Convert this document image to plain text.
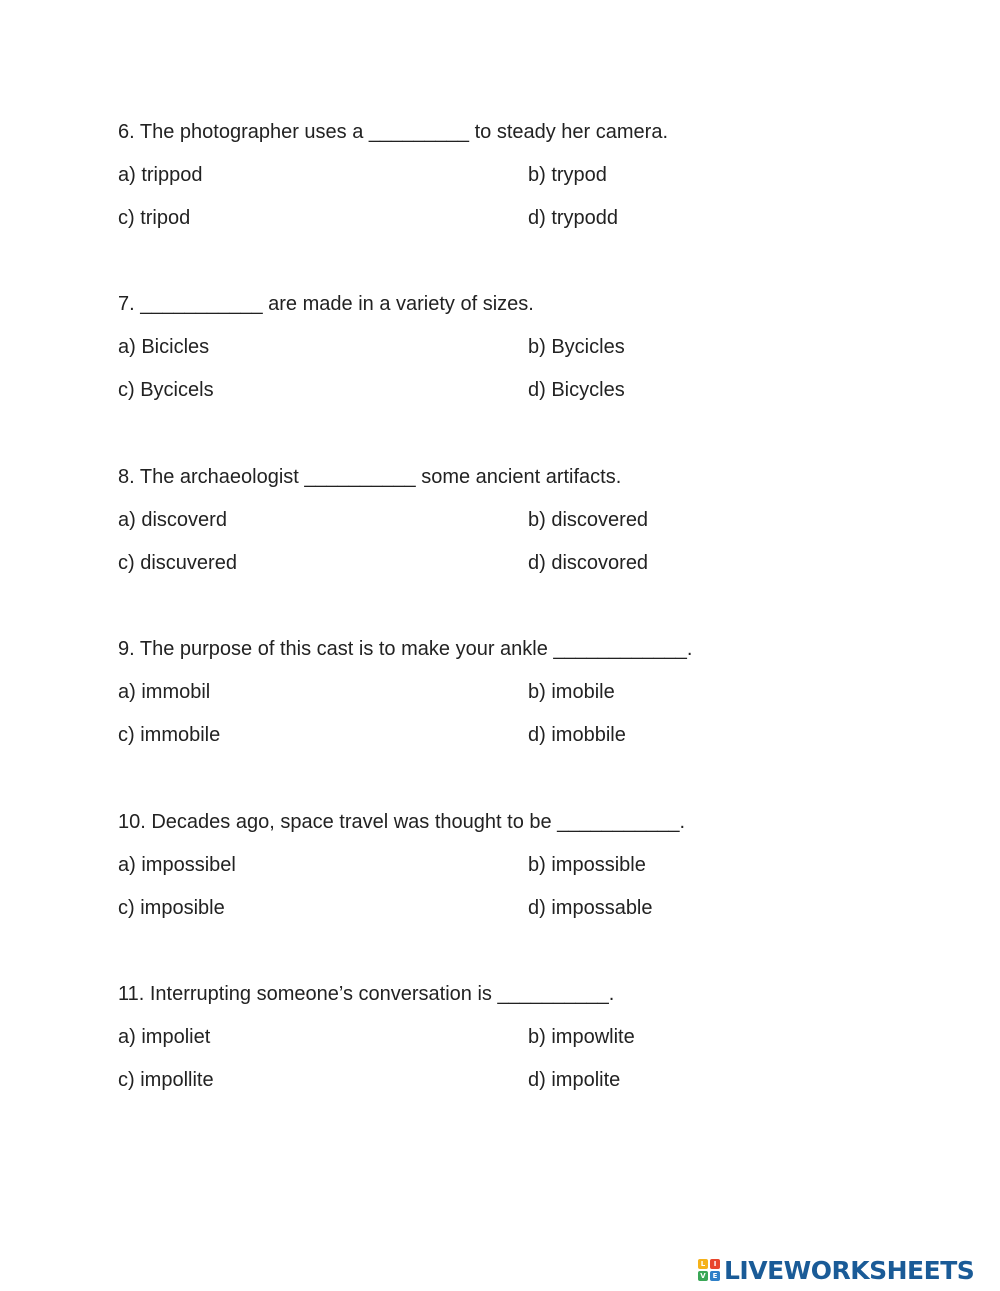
6. The photographer uses a _________ to steady her camera.
a) trippod	b) trypod
c) tripod	d) trypodd
7. ___________ are made in a variety of sizes.
a) Bicicles	b) Bycicles
c) Bycicels	d) Bicycles
8. The archaeologist __________ some ancient artifacts.
a) discoverd	b) discovered
c) discuvered	d) discovored
9. The purpose of this cast is to make your ankle ____________.
a) immobil	b) imobile
c) immobile	d) imobbile
10. Decades ago, space travel was thought to be ___________.
a) impossibel	b) impossible
c) imposible	d) impossable
11. Interrupting someone’s conversation is __________.
a) impoliet	b) impowlite
c) impollite	d) impolite
L	I
V E LIVEWORKSHEETS
